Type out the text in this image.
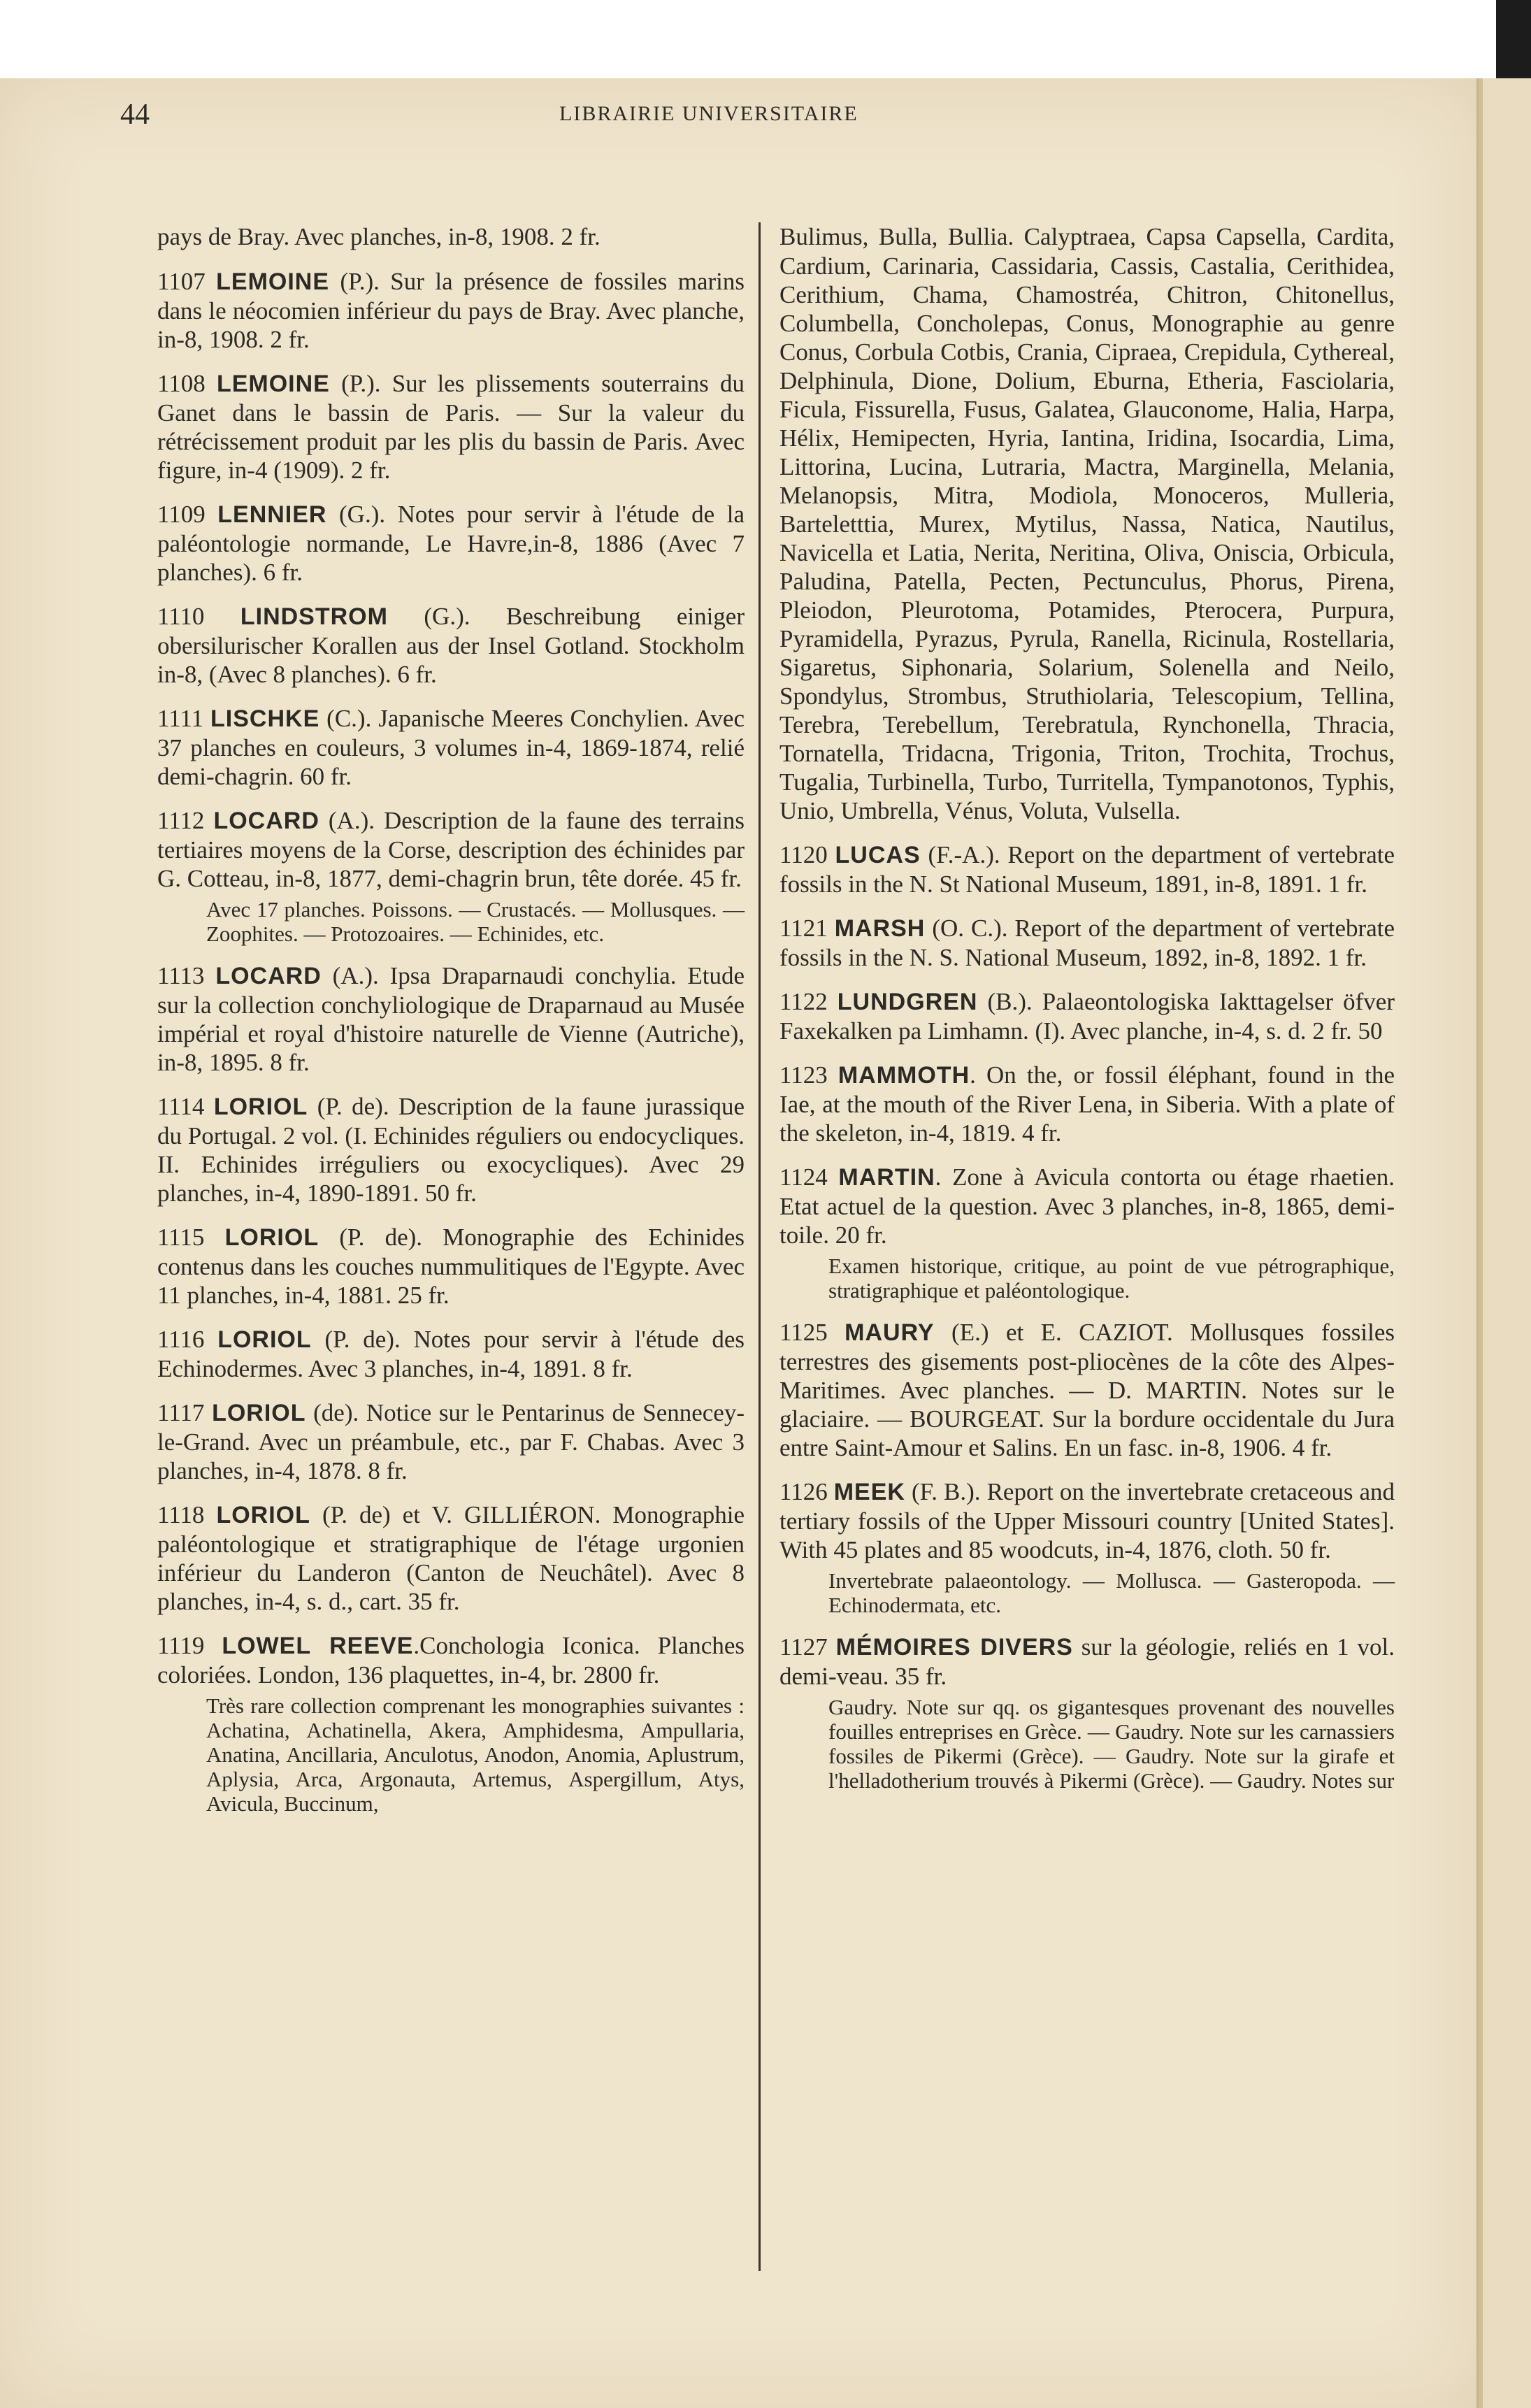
44	LIBRAIRIE UNIVERSITAIRE
pays de Bray. Avec planches, in-8, 1908. 2 fr.
1107 LEMOINE (P.). Sur la présence de fossiles marins dans le néocomien inférieur du pays de Bray. Avec planche, in-8, 1908. 2 fr.
1108 LEMOINE (P.). Sur les plissements souterrains du Ganet dans le bassin de Paris. — Sur la valeur du rétrécissement produit par les plis du bassin de Paris. Avec figure, in-4 (1909). 2 fr.
1109 LENNIER (G.). Notes pour servir à l'étude de la paléontologie normande, Le Havre,in-8, 1886 (Avec 7 planches). 6 fr.
1110 LINDSTROM (G.). Beschreibung einiger obersilurischer Korallen aus der Insel Gotland. Stockholm in-8, (Avec 8 planches). 6 fr.
1111 LISCHKE (C.). Japanische Meeres Conchylien. Avec 37 planches en couleurs, 3 volumes in-4, 1869-1874, relié demi-chagrin. 60 fr.
1112 LOCARD (A.). Description de la faune des terrains tertiaires moyens de la Corse, description des échinides par G. Cotteau, in-8, 1877, demi-chagrin brun, tête dorée. 45 fr.
Avec 17 planches. Poissons. — Crustacés. — Mollusques. — Zoophites. — Protozoaires. — Echinides, etc.
1113 LOCARD (A.). Ipsa Draparnaudi conchylia. Etude sur la collection conchyliologique de Draparnaud au Musée impérial et royal d'histoire naturelle de Vienne (Autriche), in-8, 1895. 8 fr.
1114 LORIOL (P. de). Description de la faune jurassique du Portugal. 2 vol. (I. Echinides réguliers ou endocycliques. II. Echinides irréguliers ou exocycliques). Avec 29 planches, in-4, 1890-1891. 50 fr.
1115 LORIOL (P. de). Monographie des Echinides contenus dans les couches nummulitiques de l'Egypte. Avec 11 planches, in-4, 1881. 25 fr.
1116 LORIOL (P. de). Notes pour servir à l'étude des Echinodermes. Avec 3 planches, in-4, 1891. 8 fr.
1117 LORIOL (de). Notice sur le Pentarinus de Sennecey-le-Grand. Avec un préambule, etc., par F. Chabas. Avec 3 planches, in-4, 1878. 8 fr.
1118 LORIOL (P. de) et V. GILLIÉRON. Monographie paléontologique et stratigraphique de l'étage urgonien inférieur du Landeron (Canton de Neuchâtel). Avec 8 planches, in-4, s. d., cart. 35 fr.
1119 LOWEL REEVE.Conchologia Iconica. Planches coloriées. London, 136 plaquettes, in-4, br. 2800 fr.
Très rare collection comprenant les monographies suivantes : Achatina, Achatinella, Akera, Amphidesma, Ampullaria, Anatina, Ancillaria, Anculotus, Anodon, Anomia, Aplustrum, Aplysia, Arca, Argonauta, Artemus, Aspergillum, Atys, Avicula, Buccinum,
Bulimus, Bulla, Bullia. Calyptraea, Capsa Capsella, Cardita, Cardium, Carinaria, Cassidaria, Cassis, Castalia, Cerithidea, Cerithium, Chama, Chamostréa, Chitron, Chitonellus, Columbella, Concholepas, Conus, Monographie au genre Conus, Corbula Cotbis, Crania, Cipraea, Crepidula, Cythereal, Delphinula, Dione, Dolium, Eburna, Etheria, Fasciolaria, Ficula, Fissurella, Fusus, Galatea, Glauconome, Halia, Harpa, Hélix, Hemipecten, Hyria, Iantina, Iridina, Isocardia, Lima, Littorina, Lucina, Lutraria, Mactra, Marginella, Melania, Melanopsis, Mitra, Modiola, Monoceros, Mulleria, Barteletttia, Murex, Mytilus, Nassa, Natica, Nautilus, Navicella et Latia, Nerita, Neritina, Oliva, Oniscia, Orbicula, Paludina, Patella, Pecten, Pectunculus, Phorus, Pirena, Pleiodon, Pleurotoma, Potamides, Pterocera, Purpura, Pyramidella, Pyrazus, Pyrula, Ranella, Ricinula, Rostellaria, Sigaretus, Siphonaria, Solarium, Solenella and Neilo, Spondylus, Strombus, Struthiolaria, Telescopium, Tellina, Terebra, Terebellum, Terebratula, Rynchonella, Thracia, Tornatella, Tridacna, Trigonia, Triton, Trochita, Trochus, Tugalia, Turbinella, Turbo, Turritella, Tympanotonos, Typhis, Unio, Umbrella, Vénus, Voluta, Vulsella.
1120 LUCAS (F.-A.). Report on the department of vertebrate fossils in the N. St National Museum, 1891, in-8, 1891. 1 fr.
1121 MARSH (O. C.). Report of the department of vertebrate fossils in the N. S. National Museum, 1892, in-8, 1892. 1 fr.
1122 LUNDGREN (B.). Palaeontologiska Iakttagelser öfver Faxekalken pa Limhamn. (I). Avec planche, in-4, s. d. 2 fr. 50
1123 MAMMOTH. On the, or fossil éléphant, found in the Iae, at the mouth of the River Lena, in Siberia. With a plate of the skeleton, in-4, 1819. 4 fr.
1124 MARTIN. Zone à Avicula contorta ou étage rhaetien. Etat actuel de la question. Avec 3 planches, in-8, 1865, demi-toile. 20 fr.
Examen historique, critique, au point de vue pétrographique, stratigraphique et paléontologique.
1125 MAURY (E.) et E. CAZIOT. Mollusques fossiles terrestres des gisements post-pliocènes de la côte des Alpes-Maritimes. Avec planches. — D. MARTIN. Notes sur le glaciaire. — BOURGEAT. Sur la bordure occidentale du Jura entre Saint-Amour et Salins. En un fasc. in-8, 1906. 4 fr.
1126 MEEK (F. B.). Report on the invertebrate cretaceous and tertiary fossils of the Upper Missouri country [United States]. With 45 plates and 85 woodcuts, in-4, 1876, cloth. 50 fr.
Invertebrate palaeontology. — Mollusca. — Gasteropoda. — Echinodermata, etc.
1127 MÉMOIRES DIVERS sur la géologie, reliés en 1 vol. demi-veau. 35 fr.
Gaudry. Note sur qq. os gigantesques provenant des nouvelles fouilles entreprises en Grèce. — Gaudry. Note sur les carnassiers fossiles de Pikermi (Grèce). — Gaudry. Note sur la girafe et l'helladotherium trouvés à Pikermi (Grèce). — Gaudry. Notes sur
